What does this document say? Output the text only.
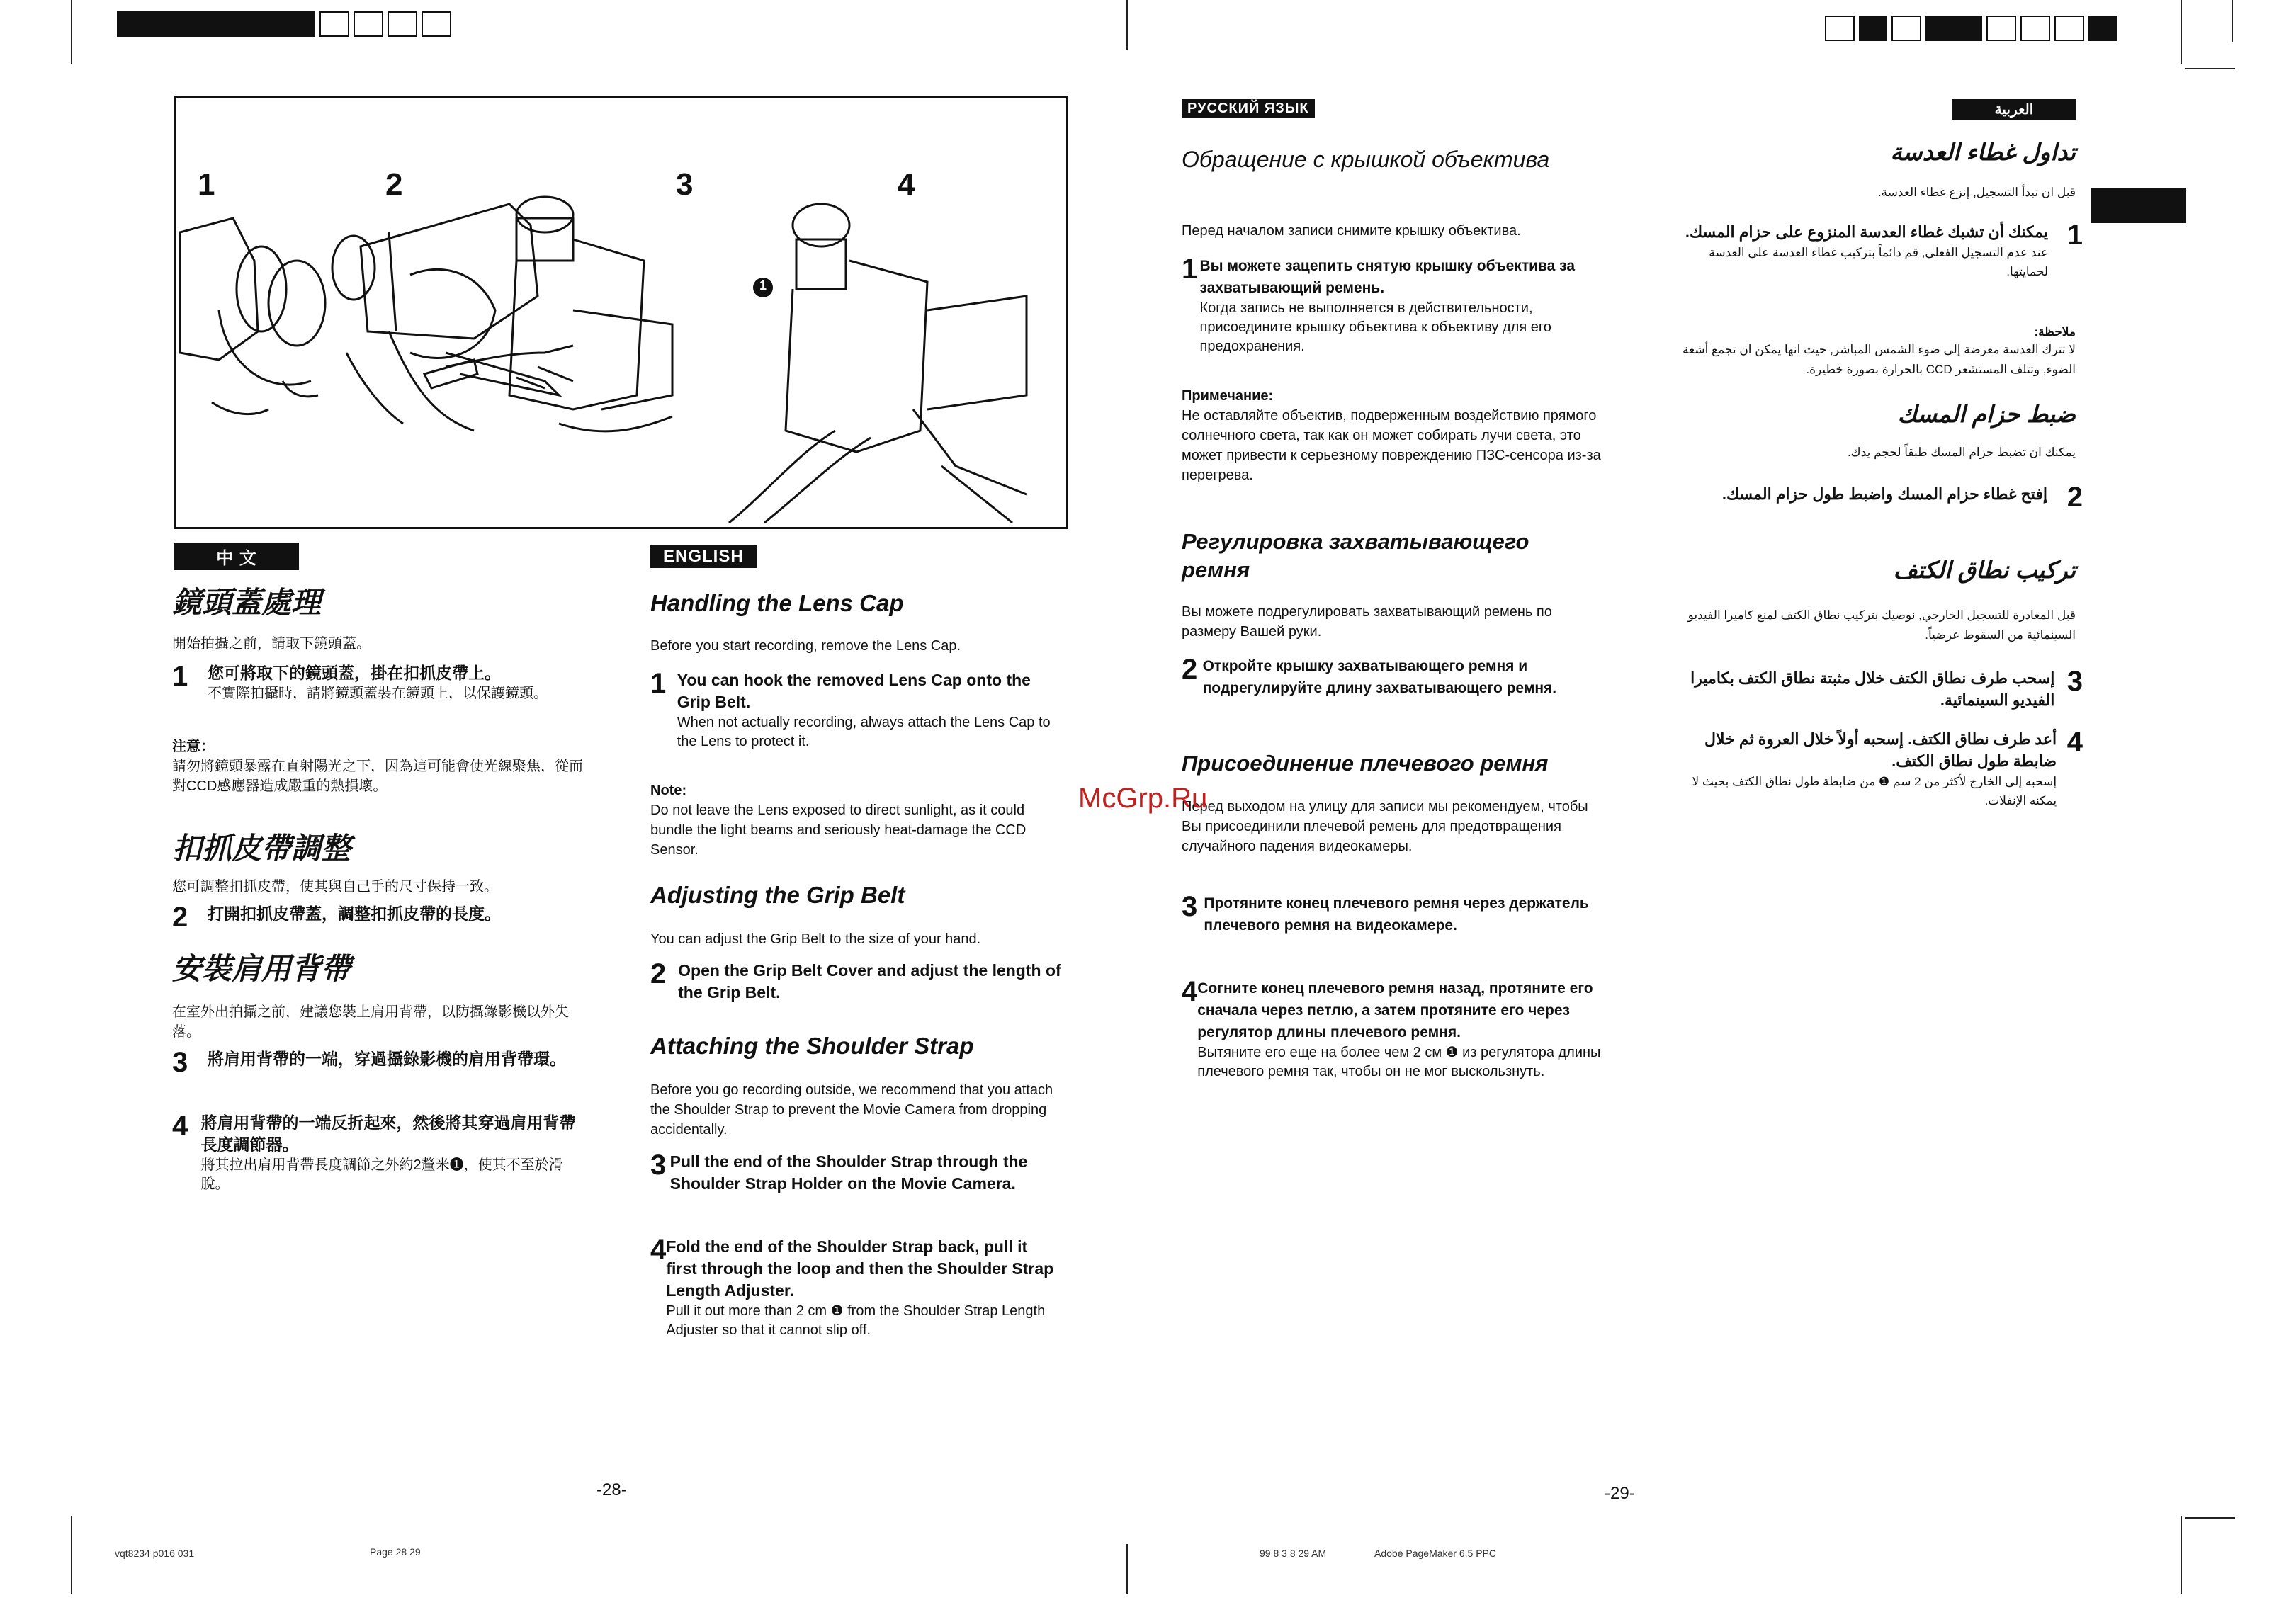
1	2	3	4
1
中 文
鏡頭蓋處理
開始拍攝之前，請取下鏡頭蓋。
1	您可將取下的鏡頭蓋，掛在扣抓皮帶上。
不實際拍攝時，請將鏡頭蓋裝在鏡頭上，以保護鏡頭。
注意：
請勿將鏡頭暴露在直射陽光之下，因為這可能會使光線聚焦，從而對CCD感應器造成嚴重的熱損壞。
扣抓皮帶調整
您可調整扣抓皮帶，使其與自己手的尺寸保持一致。
2	打開扣抓皮帶蓋，調整扣抓皮帶的長度。
安裝肩用背帶
在室外出拍攝之前，建議您裝上肩用背帶，以防攝錄影機以外失落。
3	將肩用背帶的一端，穿過攝錄影機的肩用背帶環。
4 將肩用背帶的一端反折起來，然後將其穿過肩用背帶長度調節器。
將其拉出肩用背帶長度調節之外約2釐米❶，使其不至於滑脫。
ENGLISH
Handling the Lens Cap
Before you start recording, remove the Lens Cap.
1 You can hook the removed Lens Cap onto the Grip Belt.
When not actually recording, always attach the Lens Cap to the Lens to protect it.
Note:
Do not leave the Lens exposed to direct sunlight, as it could bundle the light beams and seriously heat-damage the CCD Sensor.
Adjusting the Grip Belt
You can adjust the Grip Belt to the size of your hand.
2 Open the Grip Belt Cover and adjust the length of the Grip Belt.
Attaching the Shoulder Strap
Before you go recording outside, we recommend that you attach the Shoulder Strap to prevent the Movie Camera from dropping accidentally.
3 Pull the end of the Shoulder Strap through the Shoulder Strap Holder on the Movie Camera.
4 Fold the end of the Shoulder Strap back, pull it first through the loop and then the Shoulder Strap Length Adjuster.
Pull it out more than 2 cm ❶ from the Shoulder Strap Length Adjuster so that it cannot slip off.
РУССКИЙ ЯЗЫК
Обращение с крышкой объектива
Перед началом записи снимите крышку объектива.
1 Вы можете зацепить снятую крышку объектива за захватывающий ремень.
Когда запись не выполняется в действительности, присоедините крышку объектива к объективу для его предохранения.
Примечание:
Не оставляйте объектив, подверженным воздействию прямого солнечного света, так как он может собирать лучи света, это может привести к серьезному повреждению ПЗС-сенсора из-за перегрева.
Регулировка захватывающего ремня
Вы можете подрегулировать захватывающий ремень по размеру Вашей руки.
2 Откройте крышку захватывающего ремня и подрегулируйте длину захватывающего ремня.
Присоединение плечевого ремня
Перед выходом на улицу для записи мы рекомендуем, чтобы Вы присоединили плечевой ремень для предотвращения случайного падения видеокамеры.
3 Протяните конец плечевого ремня через держатель плечевого ремня на видеокамере.
4 Согните конец плечевого ремня назад, протяните его сначала через петлю, а затем протяните его через регулятор длины плечевого ремня.
Вытяните его еще на более чем 2 см ❶ из регулятора длины плечевого ремня так, чтобы он не мог выскользнуть.
العربية
تداول غطاء العدسة
قبل ان تبدأ التسجيل, إنزع غطاء العدسة.
1
يمكنك أن تشبك غطاء العدسة المنزوع على حزام المسك.
عند عدم التسجيل الفعلي, قم دائماً بتركيب غطاء العدسة على العدسة لحمايتها.
ملاحظة:
لا تترك العدسة معرضة إلى ضوء الشمس المباشر, حيث انها يمكن ان تجمع أشعة الضوء, وتتلف المستشعر CCD بالحرارة بصورة خطيرة.
ضبط حزام المسك
يمكنك ان تضبط حزام المسك طبقاً لحجم يدك.
2
إفتح غطاء حزام المسك واضبط طول حزام المسك.
تركيب نطاق الكتف
قبل المغادرة للتسجيل الخارجي, نوصيك بتركيب نطاق الكتف لمنع كاميرا الفيديو السينمائية من السقوط عرضياً.
3
إسحب طرف نطاق الكتف خلال مثبتة نطاق الكتف بكاميرا الفيديو السينمائية.
4
أعد طرف نطاق الكتف. إسحبه أولاً خلال العروة ثم خلال ضابطة طول نطاق الكتف.
إسحبه إلى الخارج لأكثر من 2 سم ❶ من ضابطة طول نطاق الكتف بحيث لا يمكنه الإنفلات.
McGrp.Ru
-28-	-29-
vqt8234 p016 031	Page 28 29	99 8 3 8 29 AM	Adobe PageMaker 6.5 PPC
